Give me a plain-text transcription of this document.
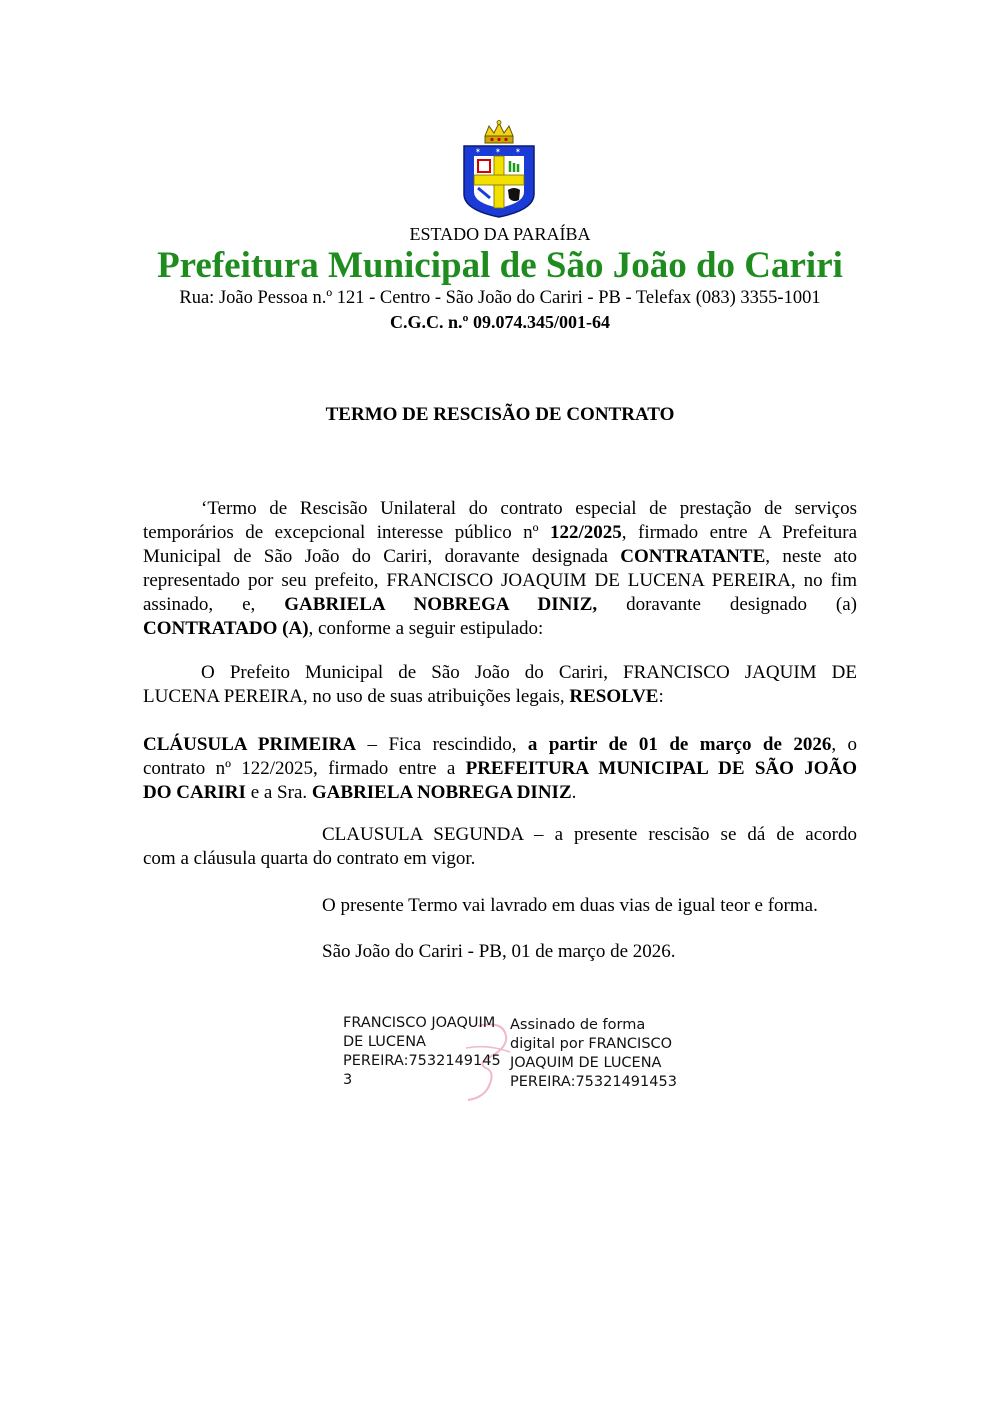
✶ ✶ ✶
ESTADO DA PARAÍBA
Prefeitura Municipal de São João do Cariri
Rua: João Pessoa n.º 121 - Centro - São João do Cariri - PB - Telefax (083) 3355-1001
C.G.C. n.º 09.074.345/001-64
TERMO DE RESCISÃO DE CONTRATO
‘Termo de Rescisão Unilateral do contrato especial de prestação de serviços
temporários de excepcional interesse público nº 122/2025, firmado entre A Prefeitura
Municipal de São João do Cariri, doravante designada CONTRATANTE, neste ato
representado por seu prefeito, FRANCISCO JOAQUIM DE LUCENA PEREIRA, no fim
assinado, e, GABRIELA NOBREGA DINIZ, doravante designado (a)
CONTRATADO (A), conforme a seguir estipulado:
O Prefeito Municipal de São João do Cariri, FRANCISCO JAQUIM DE
LUCENA PEREIRA, no uso de suas atribuições legais, RESOLVE:
CLÁUSULA PRIMEIRA – Fica rescindido, a partir de 01 de março de 2026, o
contrato nº 122/2025, firmado entre a PREFEITURA MUNICIPAL DE SÃO JOÃO
DO CARIRI e a Sra. GABRIELA NOBREGA DINIZ.
CLAUSULA SEGUNDA – a presente rescisão se dá de acordo
com a cláusula quarta do contrato em vigor.
O presente Termo vai lavrado em duas vias de igual teor e forma.
São João do Cariri - PB, 01 de março de 2026.
FRANCISCO JOAQUIM
DE LUCENA
PEREIRA:7532149145
3
Assinado de forma
digital por FRANCISCO
JOAQUIM DE LUCENA
PEREIRA:75321491453
